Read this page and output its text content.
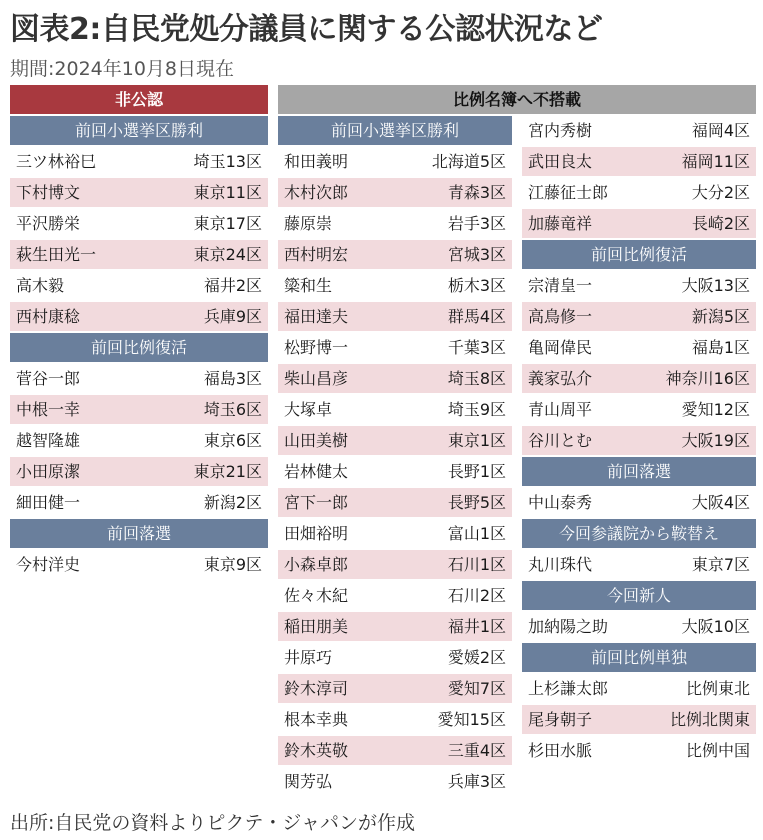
図表2:自民党処分議員に関する公認状況など
期間:2024年10月8日現在
非公認	比例名簿へ不搭載
前回小選挙区勝利
三ツ林裕巳	埼玉13区
下村博文	東京11区
平沢勝栄	東京17区
萩生田光一	東京24区
高木毅	福井2区
西村康稔	兵庫9区
前回比例復活
菅谷一郎	福島3区
中根一幸	埼玉6区
越智隆雄	東京6区
小田原潔	東京21区
細田健一	新潟2区
前回落選
今村洋史	東京9区
前回小選挙区勝利
和田義明	北海道5区
木村次郎	青森3区
藤原崇	岩手3区
西村明宏	宮城3区
簗和生	栃木3区
福田達夫	群馬4区
松野博一	千葉3区
柴山昌彦	埼玉8区
大塚卓	埼玉9区
山田美樹	東京1区
岩林健太	長野1区
宮下一郎	長野5区
田畑裕明	富山1区
小森卓郎	石川1区
佐々木紀	石川2区
稲田朋美	福井1区
井原巧	愛媛2区
鈴木淳司	愛知7区
根本幸典	愛知15区
鈴木英敬	三重4区
関芳弘	兵庫3区
宮内秀樹	福岡4区
武田良太	福岡11区
江藤征士郎	大分2区
加藤竜祥	長崎2区
前回比例復活
宗清皇一	大阪13区
高鳥修一	新潟5区
亀岡偉民	福島1区
義家弘介	神奈川16区
青山周平	愛知12区
谷川とむ	大阪19区
前回落選
中山泰秀	大阪4区
今回参議院から鞍替え
丸川珠代	東京7区
今回新人
加納陽之助	大阪10区
前回比例単独
上杉謙太郎	比例東北
尾身朝子	比例北関東
杉田水脈	比例中国
出所:自民党の資料よりピクテ・ジャパンが作成
